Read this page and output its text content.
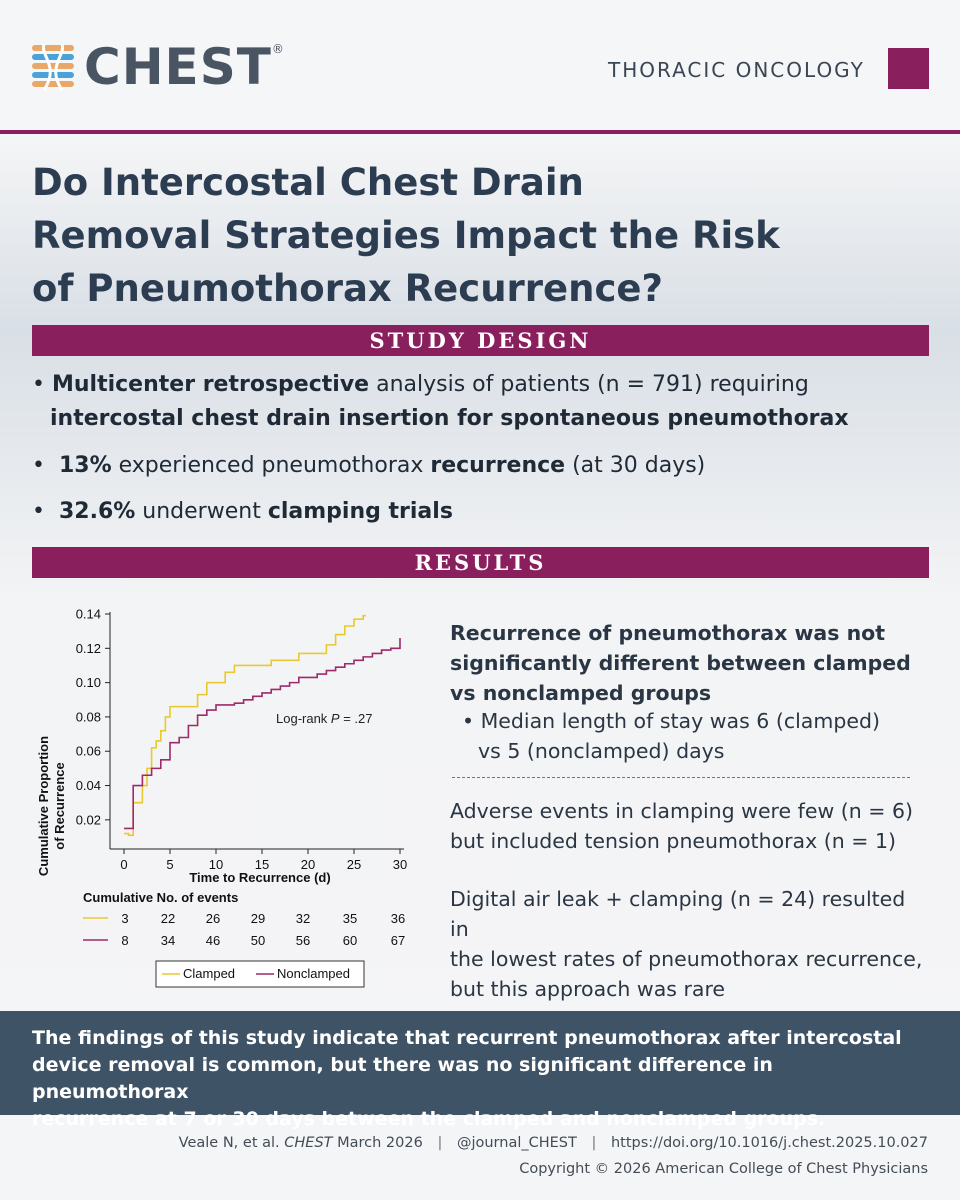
CHEST ®
THORACIC ONCOLOGY
Do Intercostal Chest Drain
Removal Strategies Impact the Risk
of Pneumothorax Recurrence?
STUDY DESIGN
• Multicenter retrospective analysis of patients (n = 791) requiring
intercostal chest drain insertion for spontaneous pneumothorax
•  13% experienced pneumothorax recurrence (at 30 days)
•  32.6% underwent clamping trials
RESULTS
0	5	10 15 20 25 30
0.02
0.04
0.06
0.08
0.10
0.12
0.14
Log-rank P = .27
Time to Recurrence (d)
Cumulative Proportion of Recurrence
Cumulative No. of events
3 22 26 29 32	35	36
8 34 46 50 56	60	67
Clamped	Nonclamped
Recurrence of pneumothorax was not
significantly different between clamped
vs nonclamped groups
• Median length of stay was 6 (clamped)
vs 5 (nonclamped) days
Adverse events in clamping were few (n = 6)
but included tension pneumothorax (n = 1)
Digital air leak + clamping (n = 24) resulted in
the lowest rates of pneumothorax recurrence,
but this approach was rare
The findings of this study indicate that recurrent pneumothorax after intercostal
device removal is common, but there was no significant difference in pneumothorax
recurrence at 7 or 30 days between the clamped and nonclamped groups.
Veale N, et al. CHEST March 2026 | @journal_CHEST | https://doi.org/10.1016/j.chest.2025.10.027
Copyright © 2026 American College of Chest Physicians
